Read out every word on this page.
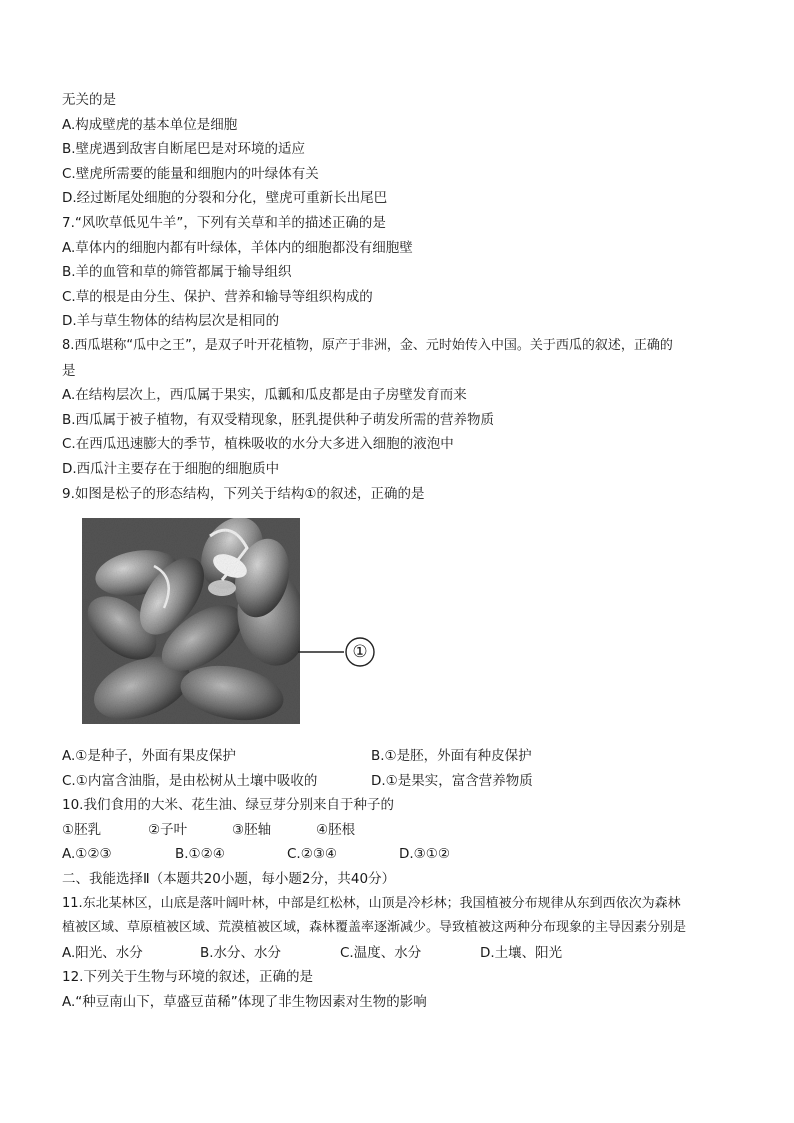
无关的是
A.构成壁虎的基本单位是细胞
B.壁虎遇到敌害自断尾巴是对环境的适应
C.壁虎所需要的能量和细胞内的叶绿体有关
D.经过断尾处细胞的分裂和分化，壁虎可重新长出尾巴
7.“风吹草低见牛羊”，下列有关草和羊的描述正确的是
A.草体内的细胞内都有叶绿体，羊体内的细胞都没有细胞壁
B.羊的血管和草的筛管都属于输导组织
C.草的根是由分生、保护、营养和输导等组织构成的
D.羊与草生物体的结构层次是相同的
8.西瓜堪称“瓜中之王”，是双子叶开花植物，原产于非洲，金、元时始传入中国。关于西瓜的叙述，正确的
是
A.在结构层次上，西瓜属于果实，瓜瓤和瓜皮都是由子房壁发育而来
B.西瓜属于被子植物，有双受精现象，胚乳提供种子萌发所需的营养物质
C.在西瓜迅速膨大的季节，植株吸收的水分大多进入细胞的液泡中
D.西瓜汁主要存在于细胞的细胞质中
9.如图是松子的形态结构，下列关于结构①的叙述，正确的是
①
A.①是种子，外面有果皮保护	B.①是胚，外面有种皮保护
C.①内富含油脂，是由松树从土壤中吸收的	D.①是果实，富含营养物质
10.我们食用的大米、花生油、绿豆芽分别来自于种子的
①胚乳	②子叶	③胚轴	④胚根
A.①②③	B.①②④	C.②③④	D.③①②
二、我能选择Ⅱ（本题共20小题，每小题2分，共40分）
11.东北某林区，山底是落叶阔叶林，中部是红松林，山顶是冷杉林；我国植被分布规律从东到西依次为森林
植被区域、草原植被区域、荒漠植被区域，森林覆盖率逐渐减少。导致植被这两种分布现象的主导因素分别是
A.阳光、水分	B.水分、水分	C.温度、水分	D.土壤、阳光
12.下列关于生物与环境的叙述，正确的是
A.“种豆南山下，草盛豆苗稀”体现了非生物因素对生物的影响
